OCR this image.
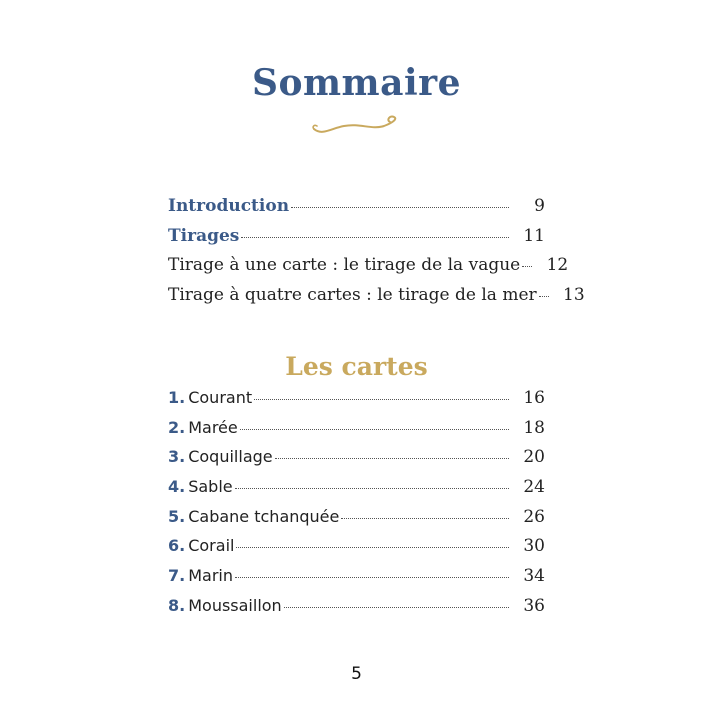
Sommaire
Introduction	9
Tirages	11
Tirage à une carte : le tirage de la vague 12
Tirage à quatre cartes : le tirage de la mer 13
Les cartes
1. Courant	16
2. Marée	18
3. Coquillage	20
4. Sable	24
5. Cabane tchanquée	26
6. Corail	30
7. Marin	34
8. Moussaillon	36
5
